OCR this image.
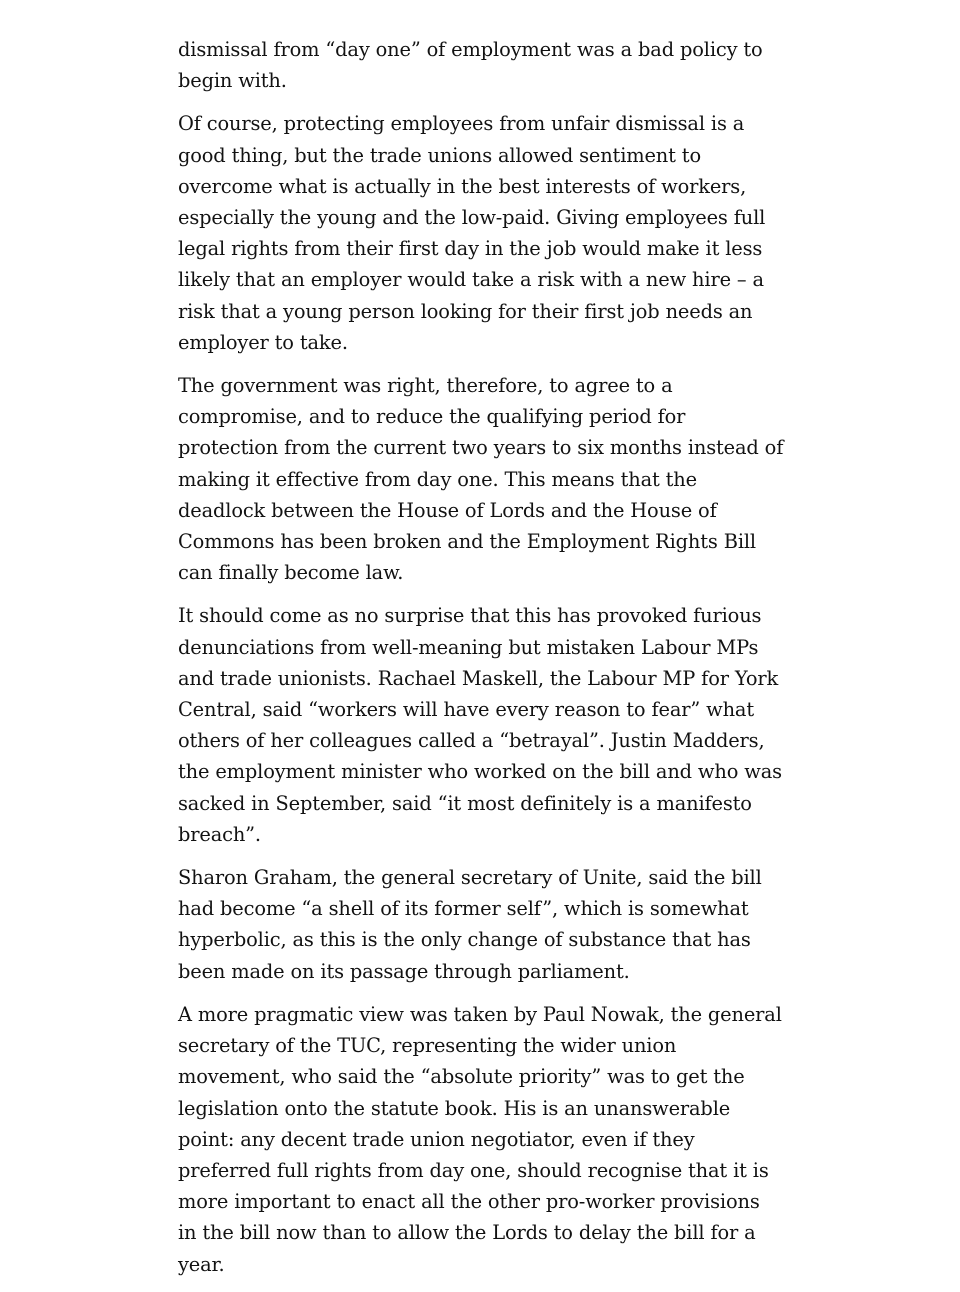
dismissal from “day one” of employment was a bad policy to begin with.

Of course, protecting employees from unfair dismissal is a good thing, but the trade unions allowed sentiment to overcome what is actually in the best interests of workers, especially the young and the low-paid. Giving employees full legal rights from their first day in the job would make it less likely that an employer would take a risk with a new hire – a risk that a young person looking for their first job needs an employer to take.

The government was right, therefore, to agree to a compromise, and to reduce the qualifying period for protection from the current two years to six months instead of making it effective from day one. This means that the deadlock between the House of Lords and the House of Commons has been broken and the Employment Rights Bill can finally become law.

It should come as no surprise that this has provoked furious denunciations from well-meaning but mistaken Labour MPs and trade unionists. Rachael Maskell, the Labour MP for York Central, said “workers will have every reason to fear” what others of her colleagues called a “betrayal”. Justin Madders, the employment minister who worked on the bill and who was sacked in September, said “it most definitely is a manifesto breach”.

Sharon Graham, the general secretary of Unite, said the bill had become “a shell of its former self”, which is somewhat hyperbolic, as this is the only change of substance that has been made on its passage through parliament.

A more pragmatic view was taken by Paul Nowak, the general secretary of the TUC, representing the wider union movement, who said the “absolute priority” was to get the legislation onto the statute book. His is an unanswerable point: any decent trade union negotiator, even if they preferred full rights from day one, should recognise that it is more important to enact all the other pro-worker provisions in the bill now than to allow the Lords to delay the bill for a year.
